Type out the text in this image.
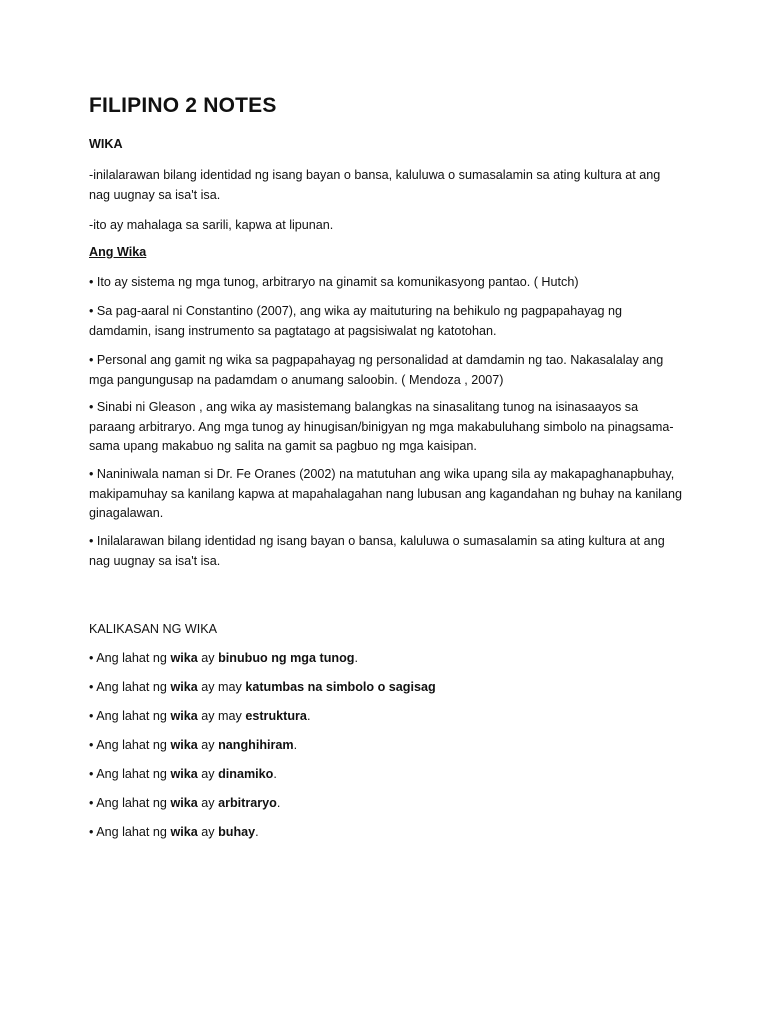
FILIPINO 2 NOTES
WIKA
-inilalarawan bilang identidad ng isang bayan o bansa, kaluluwa o sumasalamin sa ating kultura at ang nag uugnay sa isa't isa.
-ito ay mahalaga sa sarili, kapwa at lipunan.
Ang Wika
• Ito ay sistema ng mga tunog, arbitraryo na ginamit sa komunikasyong pantao. ( Hutch)
• Sa pag-aaral ni Constantino (2007), ang wika ay maituturing na behikulo ng pagpapahayag ng damdamin, isang instrumento sa pagtatago at pagsisiwalat ng katotohan.
• Personal ang gamit ng wika sa pagpapahayag ng personalidad at damdamin ng tao. Nakasalalay ang mga pangungusap na padamdam o anumang saloobin. ( Mendoza , 2007)
• Sinabi ni Gleason , ang wika ay masistemang balangkas na sinasalitang tunog na isinasaayos sa paraang arbitraryo. Ang mga tunog ay hinugisan/binigyan ng mga makabuluhang simbolo na pinagsama-sama upang makabuo ng salita na gamit sa pagbuo ng mga kaisipan.
• Naniniwala naman si Dr. Fe Oranes (2002) na matutuhan ang wika upang sila ay makapaghanapbuhay, makipamuhay sa kanilang kapwa at mapahalagahan nang lubusan ang kagandahan ng buhay na kanilang ginagalawan.
• Inilalarawan bilang identidad ng isang bayan o bansa, kaluluwa o sumasalamin sa ating kultura at ang nag uugnay sa isa't isa.
KALIKASAN NG WIKA
• Ang lahat ng wika ay binubuo ng mga tunog.
• Ang lahat ng wika ay may katumbas na simbolo o sagisag
• Ang lahat ng wika ay may estruktura.
• Ang lahat ng wika ay nanghihiram.
• Ang lahat ng wika ay dinamiko.
• Ang lahat ng wika ay arbitraryo.
• Ang lahat ng wika ay buhay.
